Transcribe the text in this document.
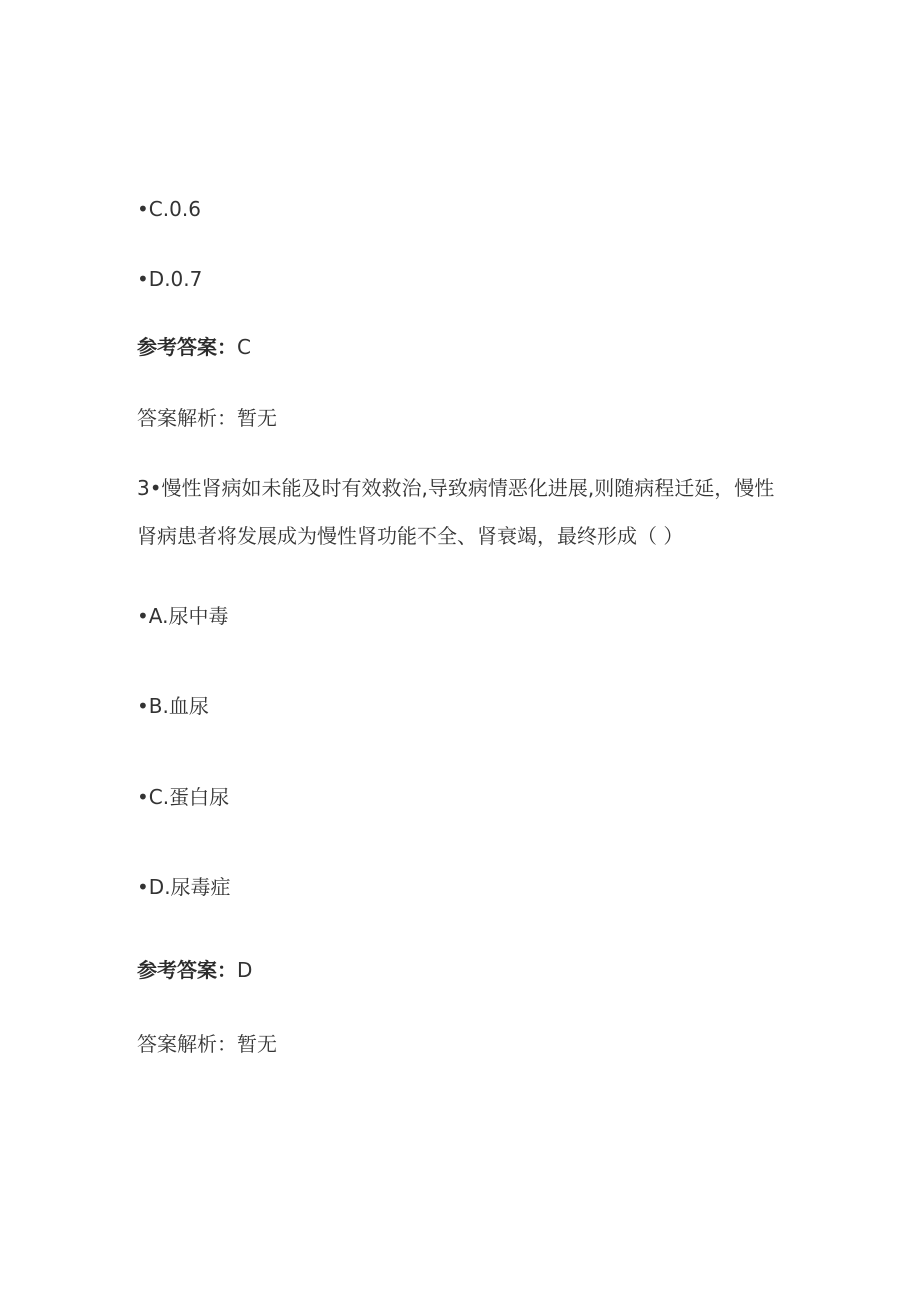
•C.0.6
•D.0.7
参考答案：C
答案解析：暂无
3•慢性肾病如未能及时有效救治,导致病情恶化进展,则随病程迁延，慢性
肾病患者将发展成为慢性肾功能不全、肾衰竭，最终形成（ ）
•A.尿中毒
•B.血尿
•C.蛋白尿
•D.尿毒症
参考答案：D
答案解析：暂无
